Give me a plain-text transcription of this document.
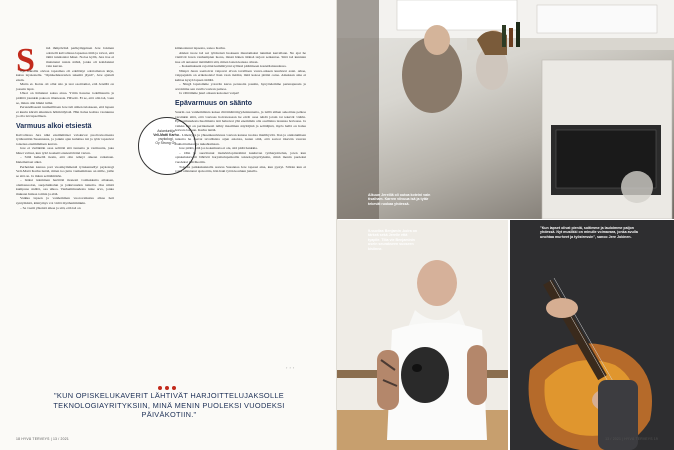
S	inä ihmpävänä parikymppinen Jere Jokinen odottelli kalvollassa lapsensa äitiä ja toivoi, että tämä tunnistaisi hänet. Noloa kyllä, Jere itse ei muistanut naista nähtä, jonka oli kohdannut vain kerran.

Nyt kaksilla olevaa tapaamaa oli edeltänyt odottamaton kirje, kutsu leysiestelle. "Opiskelukaverien tekemä jäynä", Jere ajatteli ensin.

Mutta ei. Kotsu oli ollut aito ja tesi osoittamat, että Jereillä on jossain lapsi.

Ulkoi on hälunnut saksa aissa. Yritin haastaa todellisuutta ja pidättä jotenkin pakoon tilanteesta. Häveitt. Ei se, että olin isä, vaan se, miten olin häkki tullut.

Perustelliseesti tuumaillitaan Jere tuli siihen tulokseen, että lapsen ei kuulu kärsiä aikuisten höhmöilyistä. Hän halua kaittaa vastuunsa ja olla isä lapsellleen.

Varmuus alkoi etsiestä

Kalvollassa Jere näki ensimmäiset valokuvat puoltovuotiaasta tyttärestään Susannasta, ja jonkin ajan kuluttua isä ja tytär tapasivat toisensa ensimmäisen kerran.

Jere ei vieläkään osaa selittää sitä tunnetta ja varmuutta, joka hänet valtasi, kun tyttö kosketti ensiesiä hänä varten.

– Sillä hetkellä tiesin, että olin tehnyt oikean ratkaisun. Iskiemattaet alkoi.

Perheiden kanssa pari vuosikymmentä työskennellyt psykologi Veli-Matti Karhu tietää, miten iso juttu vanhemmaus on niille, joille se sitä on. Ja miten selittämätön.

– Isäksi tuleminen herättää monesti voimakkaita ailaksen, olemassaolon, suojelunhalun ja jatkuvuuden tunteita. Osa niistä kumpuaa sisältä, osa ulkoa. Vanhemmuudesta tulee arvo, jonka mukaan haluaa toimia ja elää.

Vaikka lapsen ja vanhemman vuorovaikutus alkaa heti syntymästä, kiintymys voi viritä myöhemminkin.

– Se vaatii yhteistä aikaa ja sitä, että isä on

Asiantuntija
Veli-Matti Karhu
psykologi,
Oy Strong Oy.

kiinnostunut lapsesta, sanoo Karhu.

Aluksi tuore isä sai tyttärensä luokseen muutamaksi tunniksi kerrallaan. Ne ajat he viettivät Jeren vanhempien luona, missä hänen äitinsä tarjosi seikantaa. Siitä isä kunnian isse oli autaanut tietämättä sitä, miten lasten kanssa ollaan.

– Kokemukseni rajoittui kummityöni syllissä pitämiseen kastetilaisuudessa.

Niinpä Jeren saattoivat vaipavat alvan tavallisen vauva-arkeen kuuluvat asiat. Ahaa, vaippejakin on erikokoisia! Kun vaan tietäisi, mitä kokoa pitäisi ostaa. Ainakaan aina ei kehtaa kysyä lapsen äidiltä.

– Ningä lapsiomme yotavän karsa perusoita passiin, hyeyttelemme perunapussia ja arvoimme sen avulla vauvan painoa.

Ja välttämme juuri oikean kokoiset vaipat!

Epävarmuus on säänto

Suurin osa vanhemmista kokee riittämättömyydentunnetta, ja isillä siihen sekoittuu pelkoa varsinkin siitä, että vauvaas hoivatessaan he eivät osaa tehdä jotain tai tekevät väärin. Epävarmuudesta huolimatta isät haluavat yhä enemmän olla osallisina lastensa hoivassa. Ja vaikka isät on perinteisesti nähty maailman näyttäjinä ja selittäjinä, myös hellä on halua hoivata lastaan. Karhu tietää.

– Läheisyys ja yhteenkuuluvuus vauvan kanssa tuottaa mielihyvää. Ilon ja onnistumisen tunteita he saavat tavallisista arjen asioista, kuten siitä, että saavat itkevän vauvan rauhoittumaan ja nukahtamaan.

Jere päätti, että jos kokemusta ei ole, sitä pitää hankkia.

– Olin jo suorittanut insinööriopintoihini kuuluvan työharjoittelun, joten kun opiskelukaverit lähtivät harjoittelupaikoille teknologiayrityksiin, minä menin puoleksi vuodeksi päiväkotiin.

Toiselta paikkakunnalla asuvaa Susannaa Jere tapaasi aina, kun pystyi. Silloin kun ei voita omistanut ajokorttia, hän haki tytön kouluun junalla.

› › ›
"KUN OPISKELUKAVERIT LÄHTIVÄT HARJOITTELUJAKSOLLE TEKNOLOGIAYRITYKSIIN, MINÄ MENIN PUOLEKSI VUODEKSI PÄIVÄKOTIIN."
18 HYVÄ TERVEYS | 13 / 2021
Alkuun Jereillä oli outoa koteini vain tisaiham. Karren viivuua isä ja tytär tekevät ruokaa yhdessä.
9-vuotias Benjamin -koira on tärkeä sekä Jerelle että tyapile. Tilia vie Benjaminin usein seurakseen suoseen kisiinne.
"Kun lapset olivat pieniä, soitimme ja lauloimme paljon yhdessä. Nyt musiikki on minulle voimavara, jonka avulla unohtaa murheet ja työstressin", sanoo Jere Jokinen.
13 / 2021 | HYVÄ TERVEYS 19
